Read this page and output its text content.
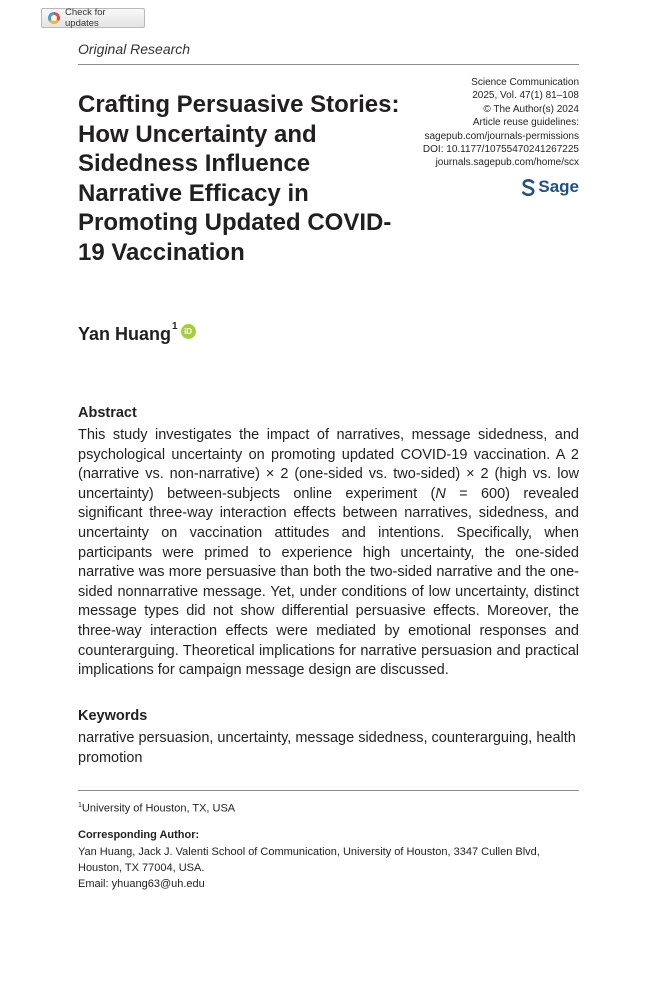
Check for updates
Original Research
Science Communication
2025, Vol. 47(1) 81–108
© The Author(s) 2024
Article reuse guidelines:
sagepub.com/journals-permissions
DOI: 10.1177/10755470241267225
journals.sagepub.com/home/scx
Sage
Crafting Persuasive Stories: How Uncertainty and Sidedness Influence Narrative Efficacy in Promoting Updated COVID-19 Vaccination
Yan Huang$^1$ iD
Abstract

This study investigates the impact of narratives, message sidedness, and psychological uncertainty on promoting updated COVID-19 vaccination. A 2 (narrative vs. non-narrative) × 2 (one-sided vs. two-sided) × 2 (high vs. low uncertainty) between-subjects online experiment (N = 600) revealed significant three-way interaction effects between narratives, sidedness, and uncertainty on vaccination attitudes and intentions. Specifically, when participants were primed to experience high uncertainty, the one-sided narrative was more persuasive than both the two-sided narrative and the one-sided nonnarrative message. Yet, under conditions of low uncertainty, distinct message types did not show differential persuasive effects. Moreover, the three-way interaction effects were mediated by emotional responses and counterarguing. Theoretical implications for narrative persuasion and practical implications for campaign message design are discussed.

Keywords

narrative persuasion, uncertainty, message sidedness, counterarguing, health promotion

$^1$University of Houston, TX, USA
Corresponding Author:

Yan Huang, Jack J. Valenti School of Communication, University of Houston, 3347 Cullen Blvd, Houston, TX 77004, USA.
Email: yhuang63@uh.edu
